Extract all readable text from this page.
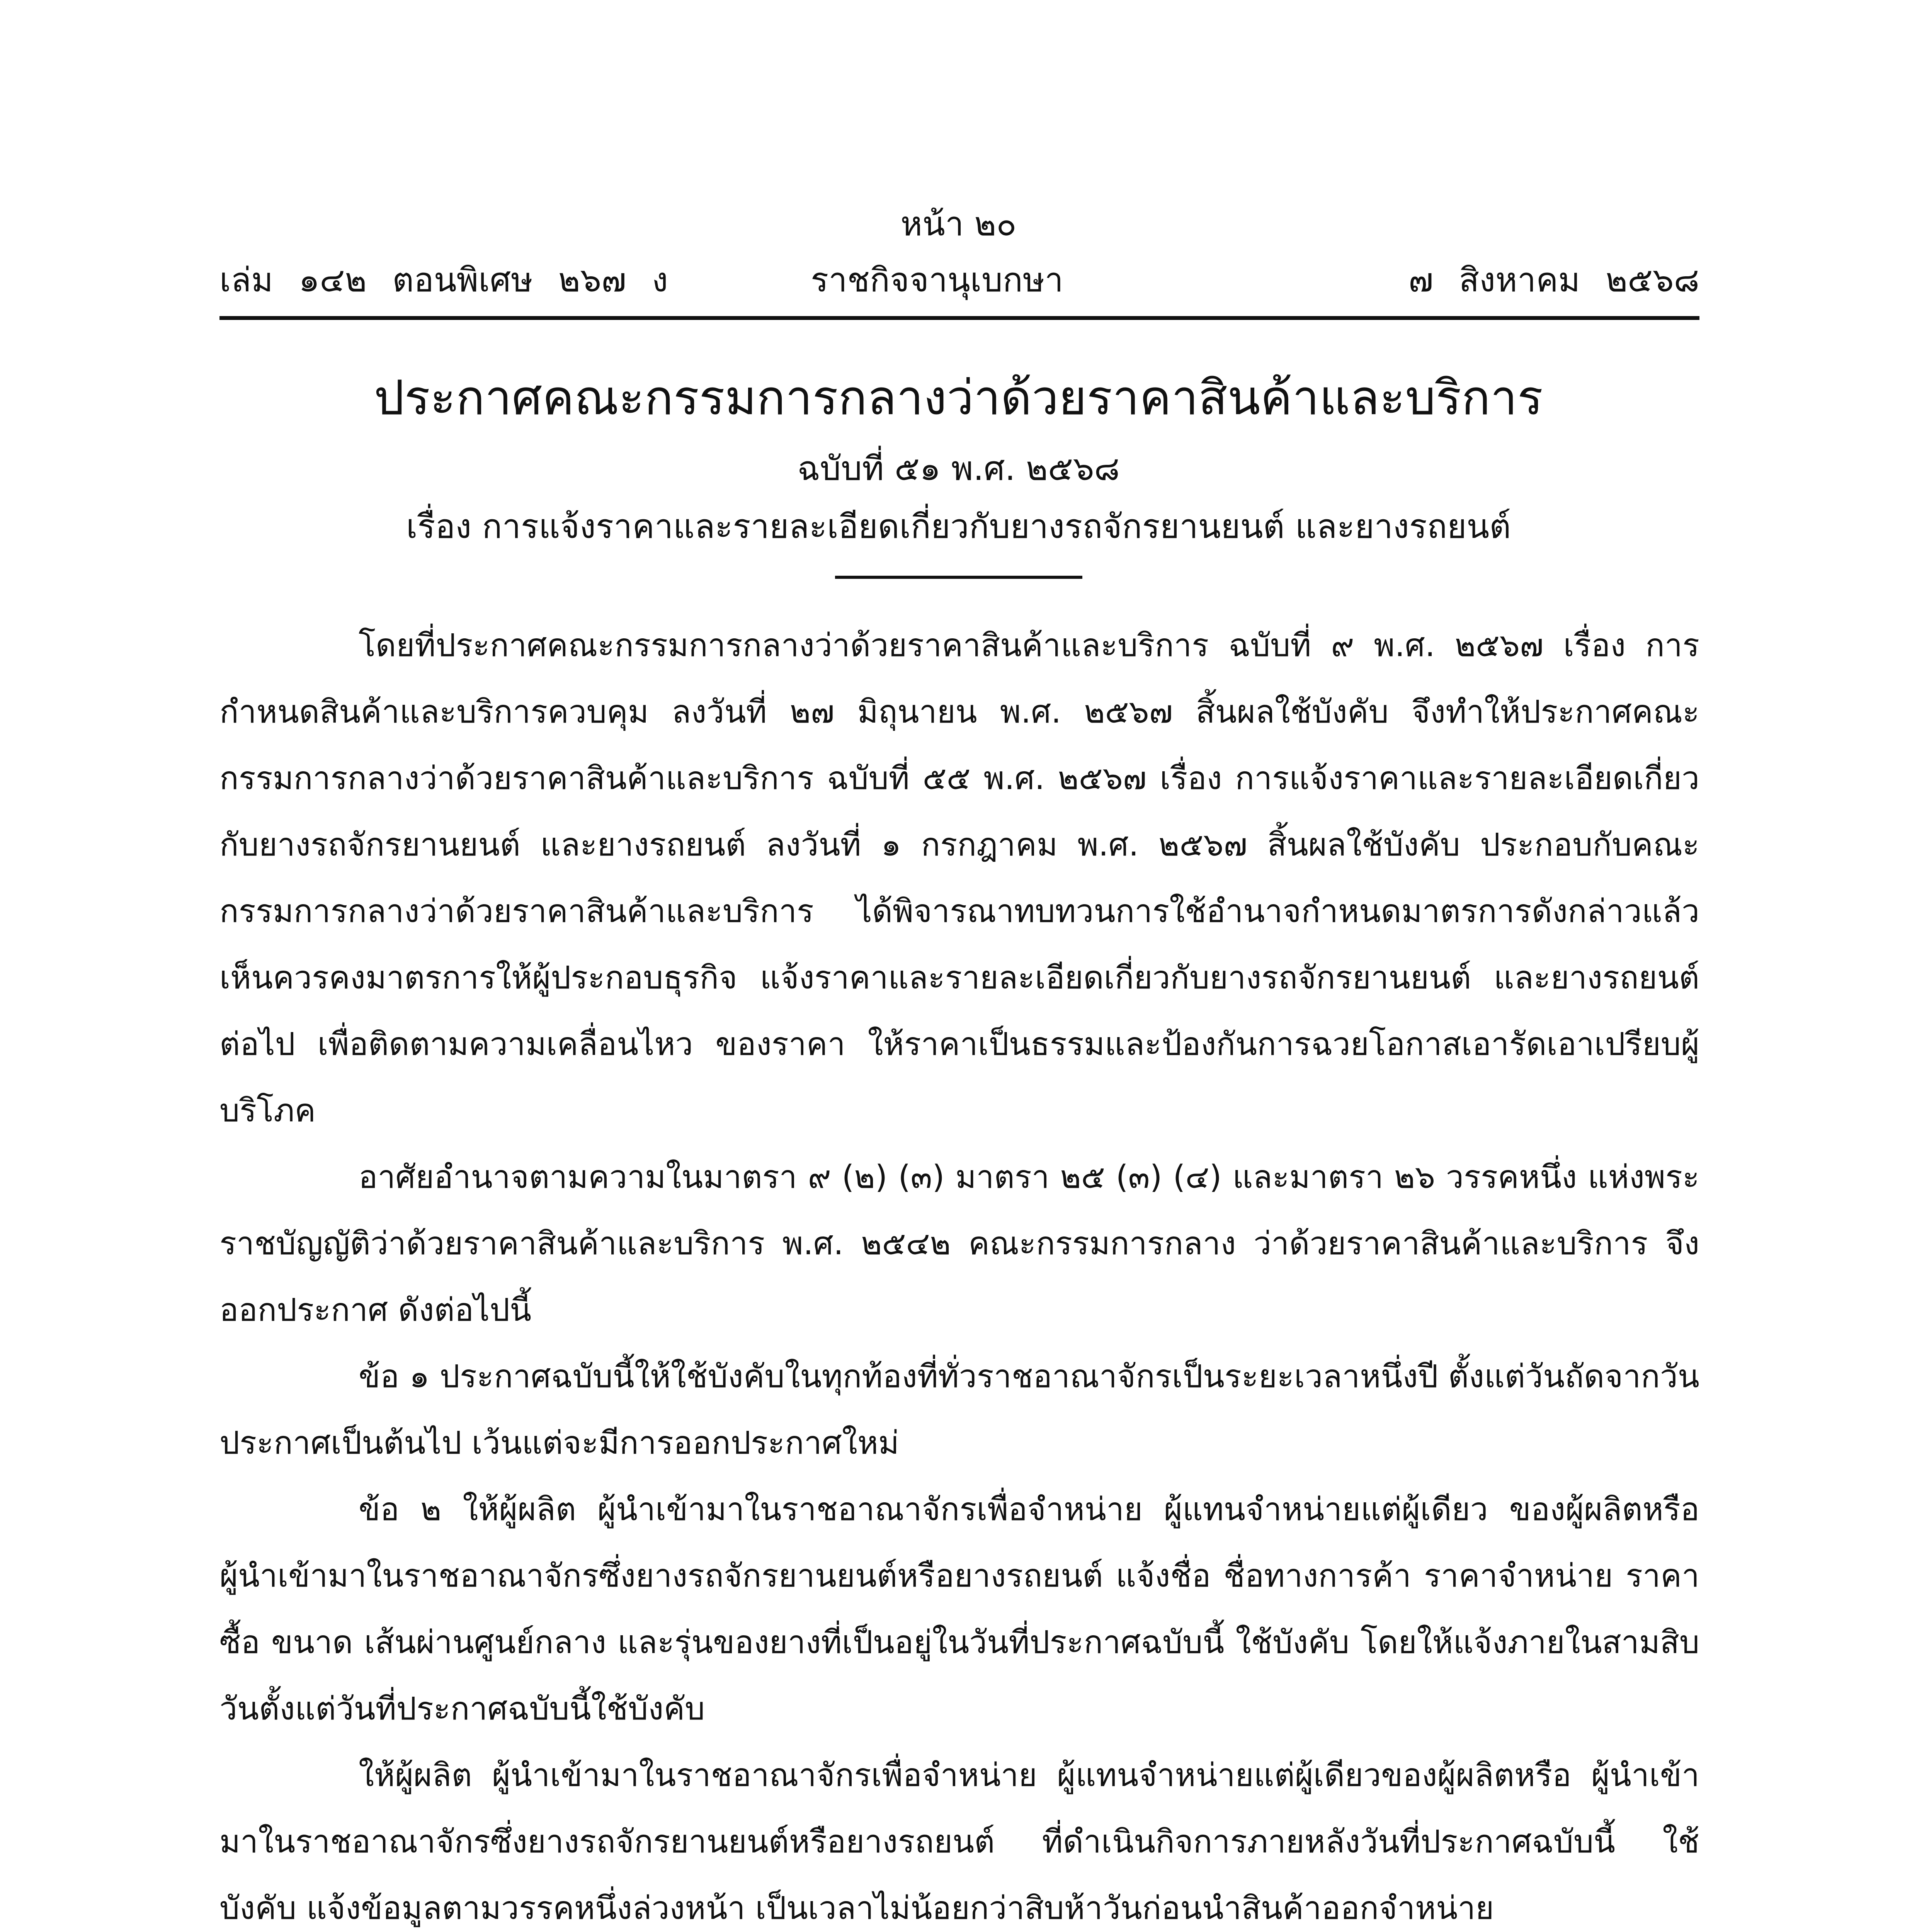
หน้า ๒๐
เล่ม ๑๔๒ ตอนพิเศษ ๒๖๗ ง	ราชกิจจานุเบกษา	๗ สิงหาคม ๒๕๖๘
ประกาศคณะกรรมการกลางว่าด้วยราคาสินค้าและบริการ
ฉบับที่ ๕๑ พ.ศ. ๒๕๖๘
เรื่อง การแจ้งราคาและรายละเอียดเกี่ยวกับยางรถจักรยานยนต์ และยางรถยนต์

โดยที่ประกาศคณะกรรมการกลางว่าด้วยราคาสินค้าและบริการ ฉบับที่ ๙ พ.ศ. ๒๕๖๗ เรื่อง การกำหนดสินค้าและบริการควบคุม ลงวันที่ ๒๗ มิถุนายน พ.ศ. ๒๕๖๗ สิ้นผลใช้บังคับ จึงทำให้ประกาศคณะกรรมการกลางว่าด้วยราคาสินค้าและบริการ ฉบับที่ ๕๕ พ.ศ. ๒๕๖๗ เรื่อง การแจ้งราคาและรายละเอียดเกี่ยวกับยางรถจักรยานยนต์ และยางรถยนต์ ลงวันที่ ๑ กรกฎาคม พ.ศ. ๒๕๖๗ สิ้นผลใช้บังคับ ประกอบกับคณะกรรมการกลางว่าด้วยราคาสินค้าและบริการ ได้พิจารณาทบทวนการใช้อำนาจกำหนดมาตรการดังกล่าวแล้ว เห็นควรคงมาตรการให้ผู้ประกอบธุรกิจ แจ้งราคาและรายละเอียดเกี่ยวกับยางรถจักรยานยนต์ และยางรถยนต์ต่อไป เพื่อติดตามความเคลื่อนไหว ของราคา ให้ราคาเป็นธรรมและป้องกันการฉวยโอกาสเอารัดเอาเปรียบผู้บริโภค

อาศัยอำนาจตามความในมาตรา ๙ (๒) (๓) มาตรา ๒๕ (๓) (๔) และมาตรา ๒๖ วรรคหนึ่ง แห่งพระราชบัญญัติว่าด้วยราคาสินค้าและบริการ พ.ศ. ๒๕๔๒ คณะกรรมการกลาง ว่าด้วยราคาสินค้าและบริการ จึงออกประกาศ ดังต่อไปนี้

ข้อ ๑ ประกาศฉบับนี้ให้ใช้บังคับในทุกท้องที่ทั่วราชอาณาจักรเป็นระยะเวลาหนึ่งปี ตั้งแต่วันถัดจากวันประกาศเป็นต้นไป เว้นแต่จะมีการออกประกาศใหม่

ข้อ ๒ ให้ผู้ผลิต ผู้นำเข้ามาในราชอาณาจักรเพื่อจำหน่าย ผู้แทนจำหน่ายแต่ผู้เดียว ของผู้ผลิตหรือผู้นำเข้ามาในราชอาณาจักรซึ่งยางรถจักรยานยนต์หรือยางรถยนต์ แจ้งชื่อ ชื่อทางการค้า ราคาจำหน่าย ราคาซื้อ ขนาด เส้นผ่านศูนย์กลาง และรุ่นของยางที่เป็นอยู่ในวันที่ประกาศฉบับนี้ ใช้บังคับ โดยให้แจ้งภายในสามสิบวันตั้งแต่วันที่ประกาศฉบับนี้ใช้บังคับ

ให้ผู้ผลิต ผู้นำเข้ามาในราชอาณาจักรเพื่อจำหน่าย ผู้แทนจำหน่ายแต่ผู้เดียวของผู้ผลิตหรือ ผู้นำเข้ามาในราชอาณาจักรซึ่งยางรถจักรยานยนต์หรือยางรถยนต์ ที่ดำเนินกิจการภายหลังวันที่ประกาศฉบับนี้ ใช้บังคับ แจ้งข้อมูลตามวรรคหนึ่งล่วงหน้า เป็นเวลาไม่น้อยกว่าสิบห้าวันก่อนนำสินค้าออกจำหน่าย
